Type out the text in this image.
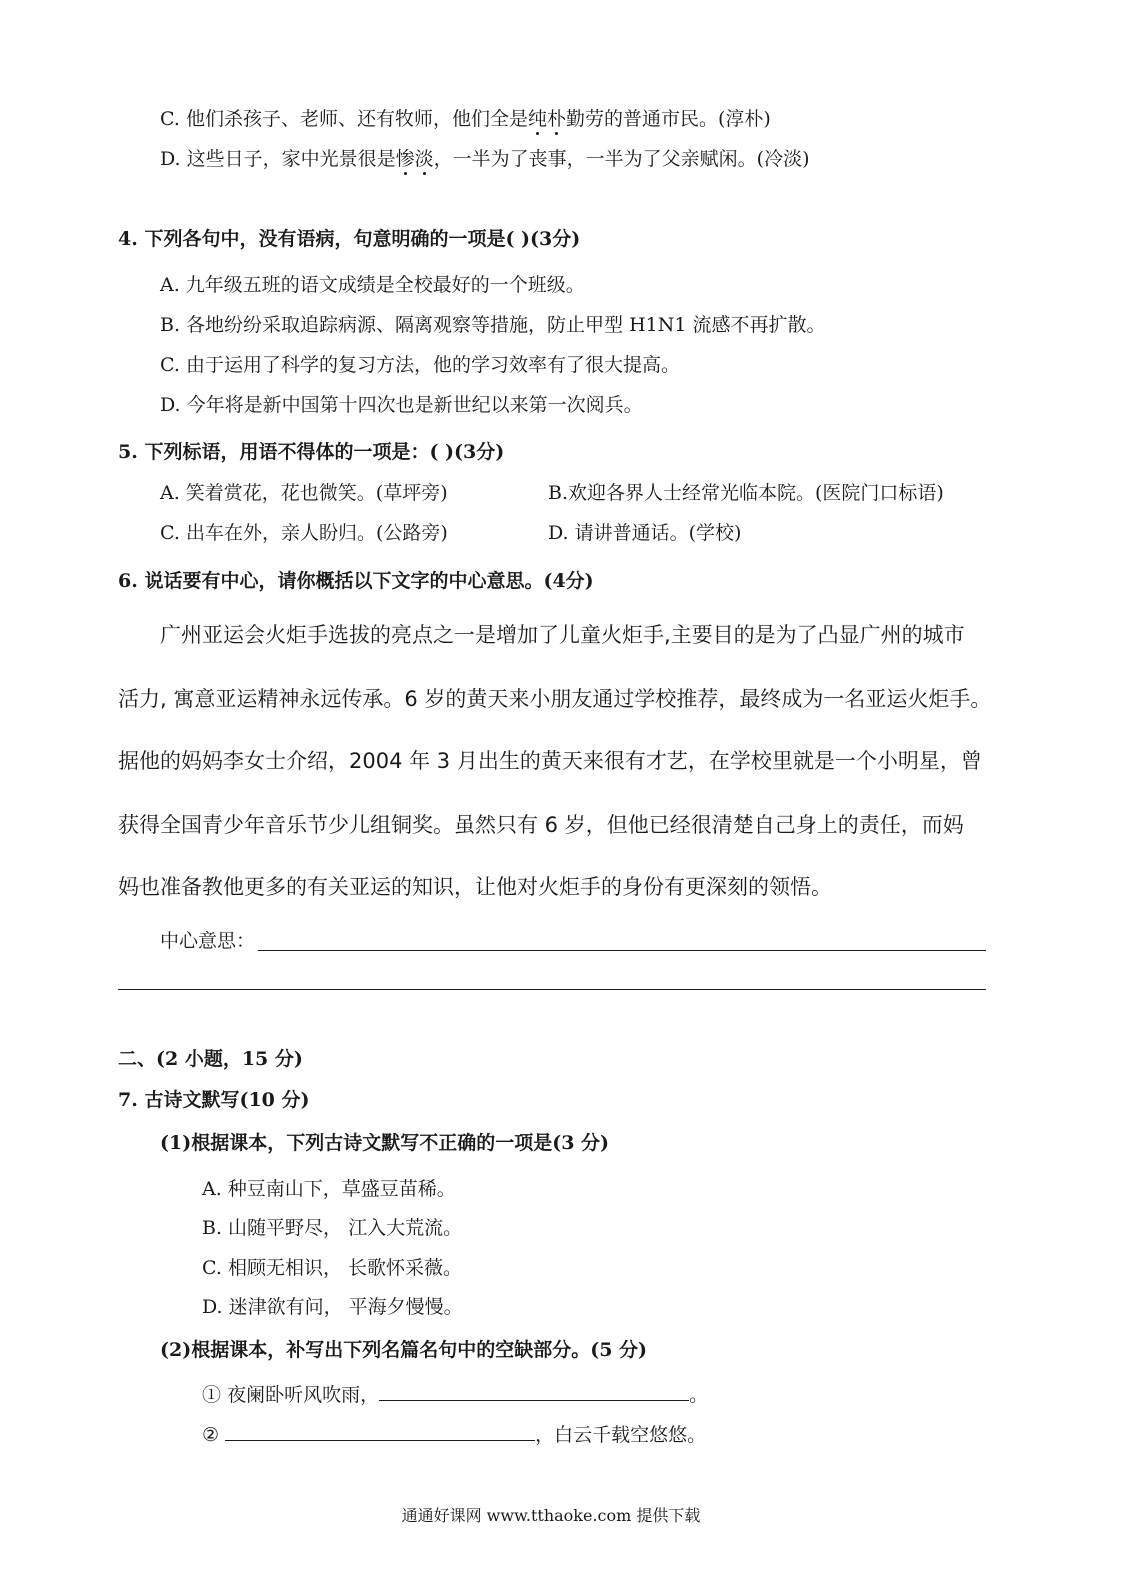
C. 他们杀孩子、老师、还有牧师，他们全是纯朴勤劳的普通市民。(淳朴)
D. 这些日子，家中光景很是惨淡，一半为了丧事，一半为了父亲赋闲。(冷淡)
4. 下列各句中，没有语病，句意明确的一项是( )(3分)
A. 九年级五班的语文成绩是全校最好的一个班级。
B. 各地纷纷采取追踪病源、隔离观察等措施，防止甲型 H1N1 流感不再扩散。
C. 由于运用了科学的复习方法，他的学习效率有了很大提高。
D. 今年将是新中国第十四次也是新世纪以来第一次阅兵。
5. 下列标语，用语不得体的一项是：( )(3分)
A. 笑着赏花，花也微笑。(草坪旁)	B.欢迎各界人士经常光临本院。(医院门口标语)
C. 出车在外，亲人盼归。(公路旁)	D. 请讲普通话。(学校)
6. 说话要有中心，请你概括以下文字的中心意思。(4分)
广州亚运会火炬手选拔的亮点之一是增加了儿童火炬手,主要目的是为了凸显广州的城市
活力, 寓意亚运精神永远传承。6 岁的黄天来小朋友通过学校推荐，最终成为一名亚运火炬手。
据他的妈妈李女士介绍，2004 年 3 月出生的黄天来很有才艺，在学校里就是一个小明星，曾
获得全国青少年音乐节少儿组铜奖。虽然只有 6 岁，但他已经很清楚自己身上的责任，而妈
妈也准备教他更多的有关亚运的知识，让他对火炬手的身份有更深刻的领悟。
中心意思：
二、(2 小题，15 分)
7. 古诗文默写(10 分)
(1)根据课本，下列古诗文默写不正确的一项是(3 分)
A. 种豆南山下，草盛豆苗稀。
B. 山随平野尽， 江入大荒流。
C. 相顾无相识， 长歌怀采薇。
D. 迷津欲有问， 平海夕慢慢。
(2)根据课本，补写出下列名篇名句中的空缺部分。(5 分)
① 夜阑卧听风吹雨，	。
②	，白云千载空悠悠。
通通好课网 www.tthaoke.com 提供下载
